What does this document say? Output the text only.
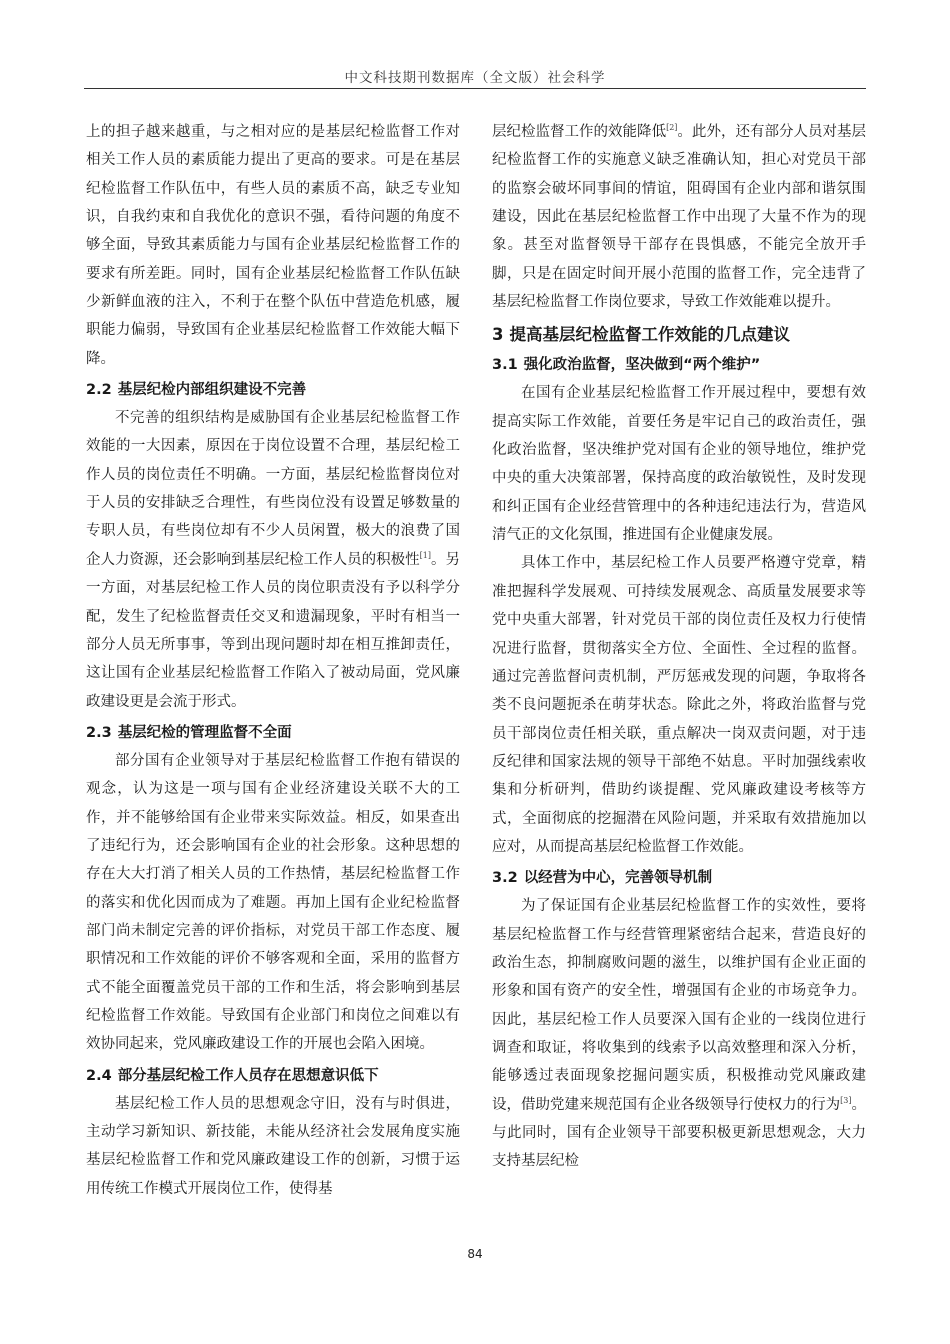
中文科技期刊数据库（全文版）社会科学

上的担子越来越重，与之相对应的是基层纪检监督工作对相关工作人员的素质能力提出了更高的要求。可是在基层纪检监督工作队伍中，有些人员的素质不高，缺乏专业知识，自我约束和自我优化的意识不强，看待问题的角度不够全面，导致其素质能力与国有企业基层纪检监督工作的要求有所差距。同时，国有企业基层纪检监督工作队伍缺少新鲜血液的注入，不利于在整个队伍中营造危机感，履职能力偏弱，导致国有企业基层纪检监督工作效能大幅下降。

2.2 基层纪检内部组织建设不完善

不完善的组织结构是威胁国有企业基层纪检监督工作效能的一大因素，原因在于岗位设置不合理，基层纪检工作人员的岗位责任不明确。一方面，基层纪检监督岗位对于人员的安排缺乏合理性，有些岗位没有设置足够数量的专职人员，有些岗位却有不少人员闲置，极大的浪费了国企人力资源，还会影响到基层纪检工作人员的积极性[1]。另一方面，对基层纪检工作人员的岗位职责没有予以科学分配，发生了纪检监督责任交叉和遗漏现象，平时有相当一部分人员无所事事，等到出现问题时却在相互推卸责任，这让国有企业基层纪检监督工作陷入了被动局面，党风廉政建设更是会流于形式。

2.3 基层纪检的管理监督不全面

部分国有企业领导对于基层纪检监督工作抱有错误的观念，认为这是一项与国有企业经济建设关联不大的工作，并不能够给国有企业带来实际效益。相反，如果查出了违纪行为，还会影响国有企业的社会形象。这种思想的存在大大打消了相关人员的工作热情，基层纪检监督工作的落实和优化因而成为了难题。再加上国有企业纪检监督部门尚未制定完善的评价指标，对党员干部工作态度、履职情况和工作效能的评价不够客观和全面，采用的监督方式不能全面覆盖党员干部的工作和生活，将会影响到基层纪检监督工作效能。导致国有企业部门和岗位之间难以有效协同起来，党风廉政建设工作的开展也会陷入困境。

2.4 部分基层纪检工作人员存在思想意识低下

基层纪检工作人员的思想观念守旧，没有与时俱进，主动学习新知识、新技能，未能从经济社会发展角度实施基层纪检监督工作和党风廉政建设工作的创新，习惯于运用传统工作模式开展岗位工作，使得基

层纪检监督工作的效能降低[2]。此外，还有部分人员对基层纪检监督工作的实施意义缺乏准确认知，担心对党员干部的监察会破坏同事间的情谊，阻碍国有企业内部和谐氛围建设，因此在基层纪检监督工作中出现了大量不作为的现象。甚至对监督领导干部存在畏惧感，不能完全放开手脚，只是在固定时间开展小范围的监督工作，完全违背了基层纪检监督工作岗位要求，导致工作效能难以提升。

3 提高基层纪检监督工作效能的几点建议
3.1 强化政治监督，坚决做到“两个维护”

在国有企业基层纪检监督工作开展过程中，要想有效提高实际工作效能，首要任务是牢记自己的政治责任，强化政治监督，坚决维护党对国有企业的领导地位，维护党中央的重大决策部署，保持高度的政治敏锐性，及时发现和纠正国有企业经营管理中的各种违纪违法行为，营造风清气正的文化氛围，推进国有企业健康发展。

具体工作中，基层纪检工作人员要严格遵守党章，精准把握科学发展观、可持续发展观念、高质量发展要求等党中央重大部署，针对党员干部的岗位责任及权力行使情况进行监督，贯彻落实全方位、全面性、全过程的监督。通过完善监督问责机制，严厉惩戒发现的问题，争取将各类不良问题扼杀在萌芽状态。除此之外，将政治监督与党员干部岗位责任相关联，重点解决一岗双责问题，对于违反纪律和国家法规的领导干部绝不姑息。平时加强线索收集和分析研判，借助约谈提醒、党风廉政建设考核等方式，全面彻底的挖掘潜在风险问题，并采取有效措施加以应对，从而提高基层纪检监督工作效能。

3.2 以经营为中心，完善领导机制

为了保证国有企业基层纪检监督工作的实效性，要将基层纪检监督工作与经营管理紧密结合起来，营造良好的政治生态，抑制腐败问题的滋生，以维护国有企业正面的形象和国有资产的安全性，增强国有企业的市场竞争力。因此，基层纪检工作人员要深入国有企业的一线岗位进行调查和取证，将收集到的线索予以高效整理和深入分析，能够透过表面现象挖掘问题实质，积极推动党风廉政建设，借助党建来规范国有企业各级领导行使权力的行为[3]。与此同时，国有企业领导干部要积极更新思想观念，大力支持基层纪检

84
